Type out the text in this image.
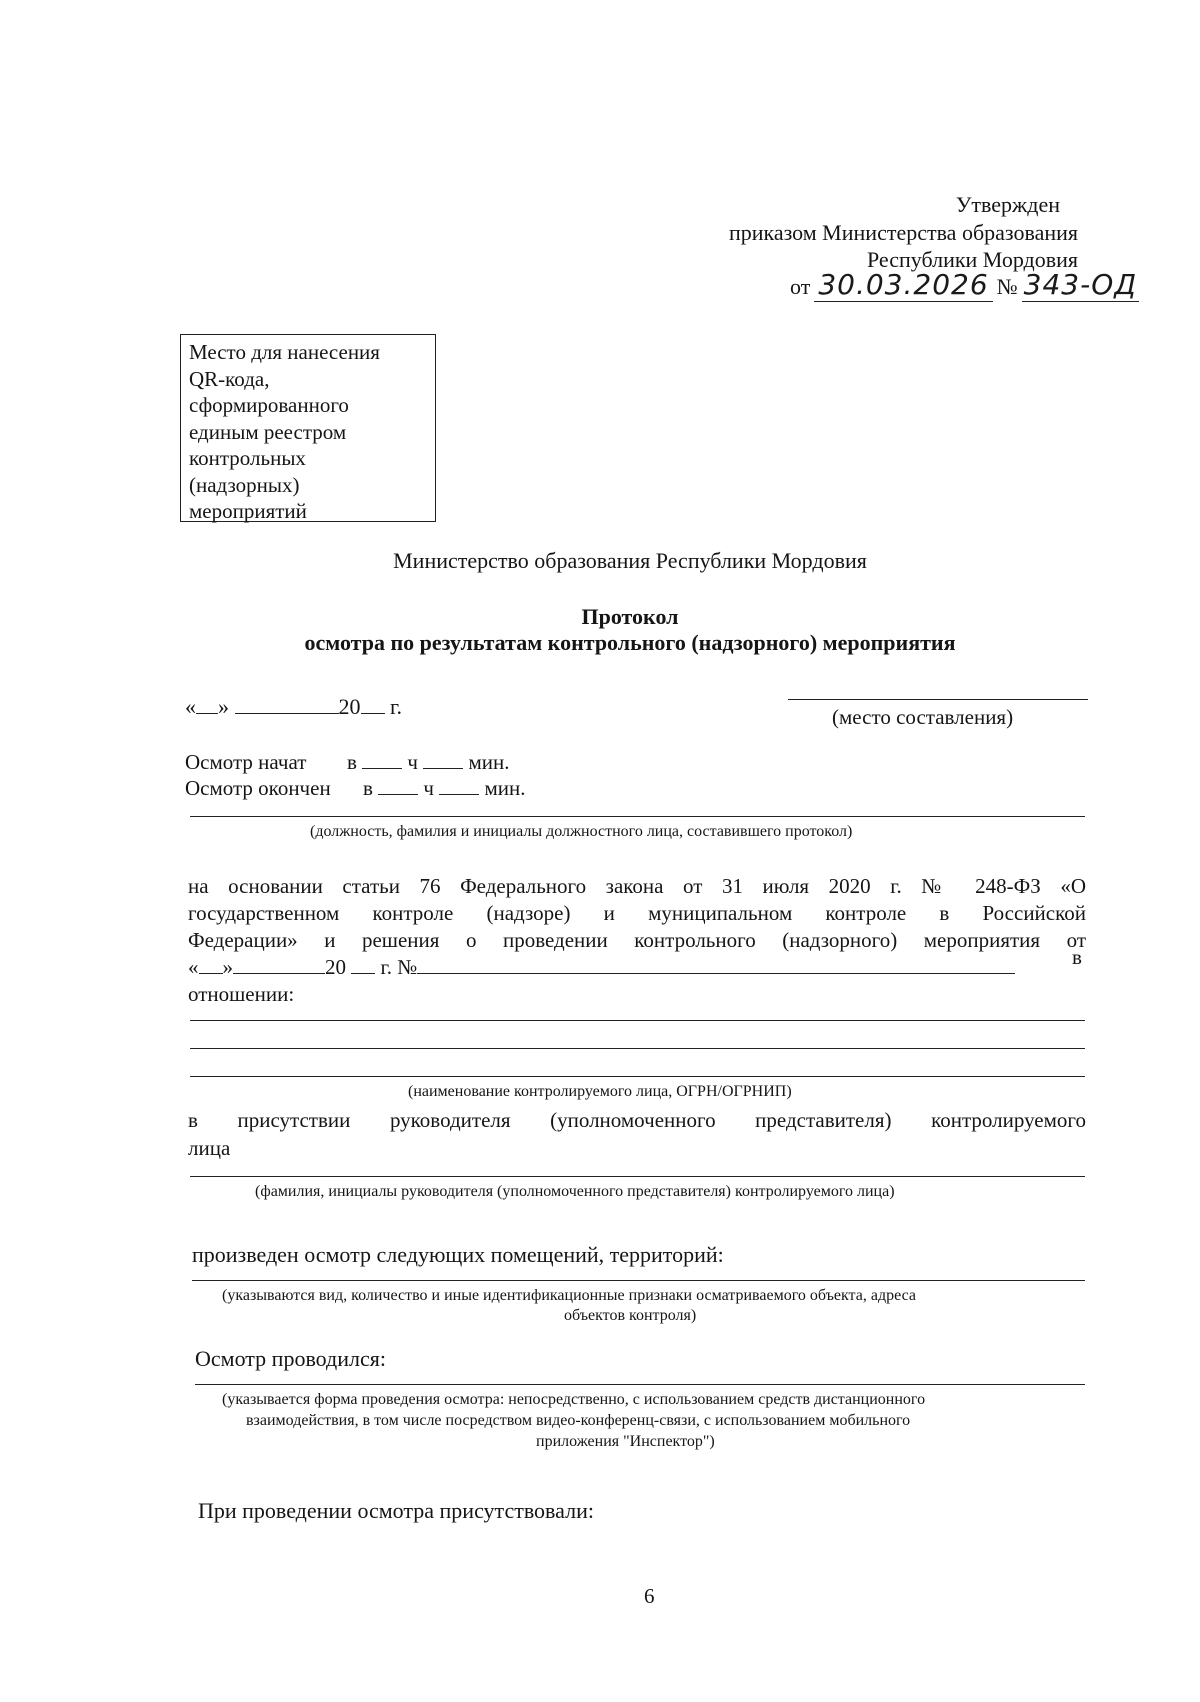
Утвержден
приказом Министерства образования
Республики Мордовия
от 30.03.2026 № 343-ОД
Место для нанесения
QR-кода,
сформированного
единым реестром
контрольных
(надзорных)
мероприятий
Министерство образования Республики Мордовия
Протокол
осмотра по результатам контрольного (надзорного) мероприятия
« »	20 г.	(место составления)
Осмотр начат в ч мин.
Осмотр окончен в ч мин.
(должность, фамилия и инициалы должностного лица, составившего протокол)
на основании статьи 76 Федерального закона от 31 июля 2020 г. № 248-ФЗ «О
государственном контроле (надзоре) и муниципальном контроле в Российской
Федерации» и решения о проведении контрольного (надзорного) мероприятия от
« »	20 г. №	в
отношении:
(наименование контролируемого лица, ОГРН/ОГРНИП)
в присутствии руководителя (уполномоченного представителя) контролируемого
лица
(фамилия, инициалы руководителя (уполномоченного представителя) контролируемого лица)
произведен осмотр следующих помещений, территорий:
(указываются вид, количество и иные идентификационные признаки осматриваемого объекта, адреса
объектов контроля)
Осмотр проводился:
(указывается форма проведения осмотра: непосредственно, с использованием средств дистанционного
взаимодействия, в том числе посредством видео-конференц-связи, с использованием мобильного
приложения "Инспектор")
При проведении осмотра присутствовали:
6
